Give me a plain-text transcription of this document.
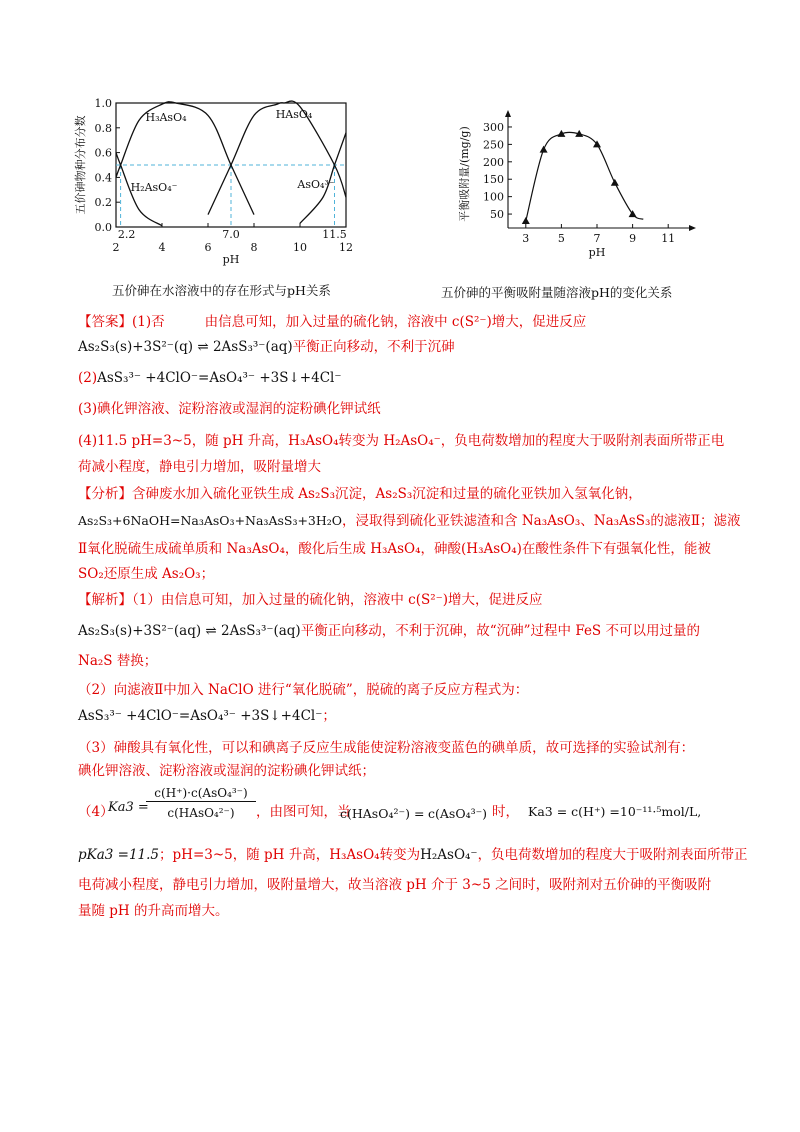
H₃AsO₄
H₂AsO₄⁻
HAsO₄
AsO₄³⁻
0.0
0.2
0.4
0.6
0.8
1.0
2	4	6	8	10	12
2.2	7.0	11.5
pH
五价砷物种分布分数
五价砷在水溶液中的存在形式与pH关系
50
100
150
200
250
300
3	5	7	9 11
pH
平衡吸附量/(mg/g)
五价砷的平衡吸附量随溶液pH的变化关系
【答案】(1)否	由信息可知，加入过量的硫化钠，溶液中 c(S²⁻)增大，促进反应
As₂S₃(s)+3S²⁻(q) ⇌ 2AsS₃³⁻(aq)平衡正向移动，不利于沉砷
(2)AsS₃³⁻ +4ClO⁻=AsO₄³⁻ +3S↓+4Cl⁻
(3)碘化钾溶液、淀粉溶液或湿润的淀粉碘化钾试纸
(4)11.5 pH=3~5，随 pH 升高，H₃AsO₄转变为 H₂AsO₄⁻，负电荷数增加的程度大于吸附剂表面所带正电
荷减小程度，静电引力增加，吸附量增大
【分析】含砷废水加入硫化亚铁生成 As₂S₃沉淀，As₂S₃沉淀和过量的硫化亚铁加入氢氧化钠，
As₂S₃+6NaOH=Na₃AsO₃+Na₃AsS₃+3H₂O，浸取得到硫化亚铁滤渣和含 Na₃AsO₃、Na₃AsS₃的滤液Ⅱ；滤液
Ⅱ氧化脱硫生成硫单质和 Na₃AsO₄，酸化后生成 H₃AsO₄，砷酸(H₃AsO₄)在酸性条件下有强氧化性，能被
SO₂还原生成 As₂O₃；
【解析】（1）由信息可知，加入过量的硫化钠，溶液中 c(S²⁻)增大，促进反应
As₂S₃(s)+3S²⁻(aq) ⇌ 2AsS₃³⁻(aq)平衡正向移动，不利于沉砷，故“沉砷”过程中 FeS 不可以用过量的
Na₂S 替换；
（2）向滤液Ⅱ中加入 NaClO 进行“氧化脱硫”，脱硫的离子反应方程式为：
AsS₃³⁻ +4ClO⁻=AsO₄³⁻ +3S↓+4Cl⁻；
（3）砷酸具有氧化性，可以和碘离子反应生成能使淀粉溶液变蓝色的碘单质，故可选择的实验试剂有：
碘化钾溶液、淀粉溶液或湿润的淀粉碘化钾试纸；
（4）
Ka3 =
c(H⁺)·c(AsO₄³⁻)
c(HAsO₄²⁻)	，由图可知，当
c(HAsO₄²⁻) = c(AsO₄³⁻) 时， Ka3 = c(H⁺) =10⁻¹¹·⁵mol/L,
pKa3 =11.5；pH=3~5，随 pH 升高，H₃AsO₄转变为H₂AsO₄⁻，负电荷数增加的程度大于吸附剂表面所带正
电荷减小程度，静电引力增加，吸附量增大，故当溶液 pH 介于 3~5 之间时，吸附剂对五价砷的平衡吸附
量随 pH 的升高而增大。
